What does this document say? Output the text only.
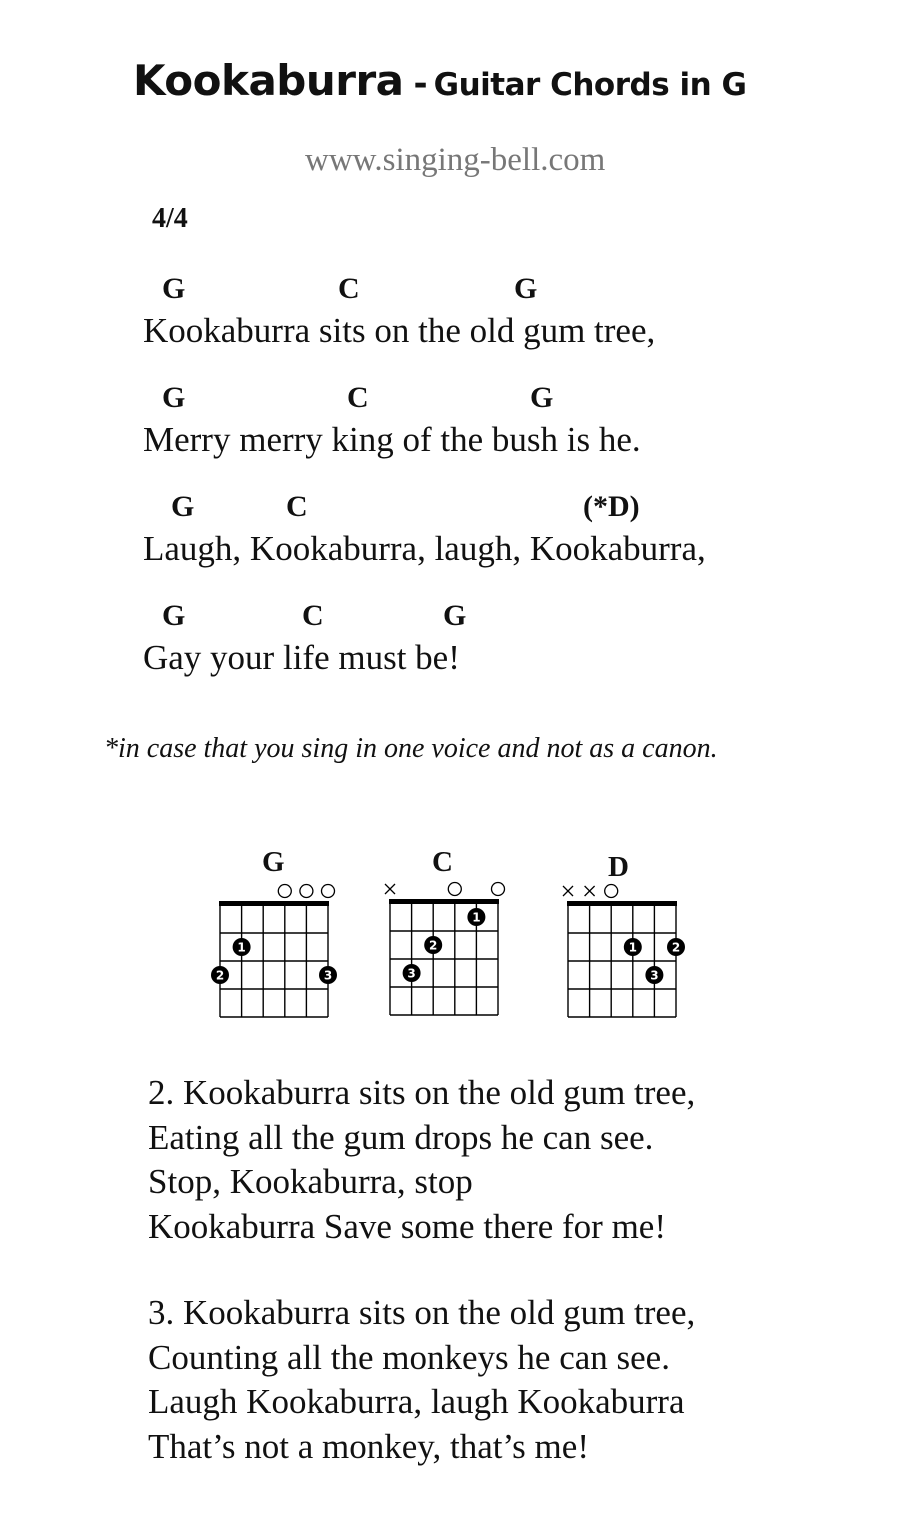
Kookaburra - Guitar Chords in G
www.singing-bell.com
4/4
G	C	G
Kookaburra sits on the old gum tree,
G	C	G
Merry merry king of the bush is he.
G	C	(*D)
Laugh, Kookaburra, laugh, Kookaburra,
G	C	G
Gay your life must be!
*in case that you sing in one voice and not as a canon.
G	C	D
1
2	3
1
2
3
1	2
3
2. Kookaburra sits on the old gum tree,
Eating all the gum drops he can see.
Stop, Kookaburra, stop
Kookaburra Save some there for me!
3. Kookaburra sits on the old gum tree,
Counting all the monkeys he can see.
Laugh Kookaburra, laugh Kookaburra
That’s not a monkey, that’s me!
